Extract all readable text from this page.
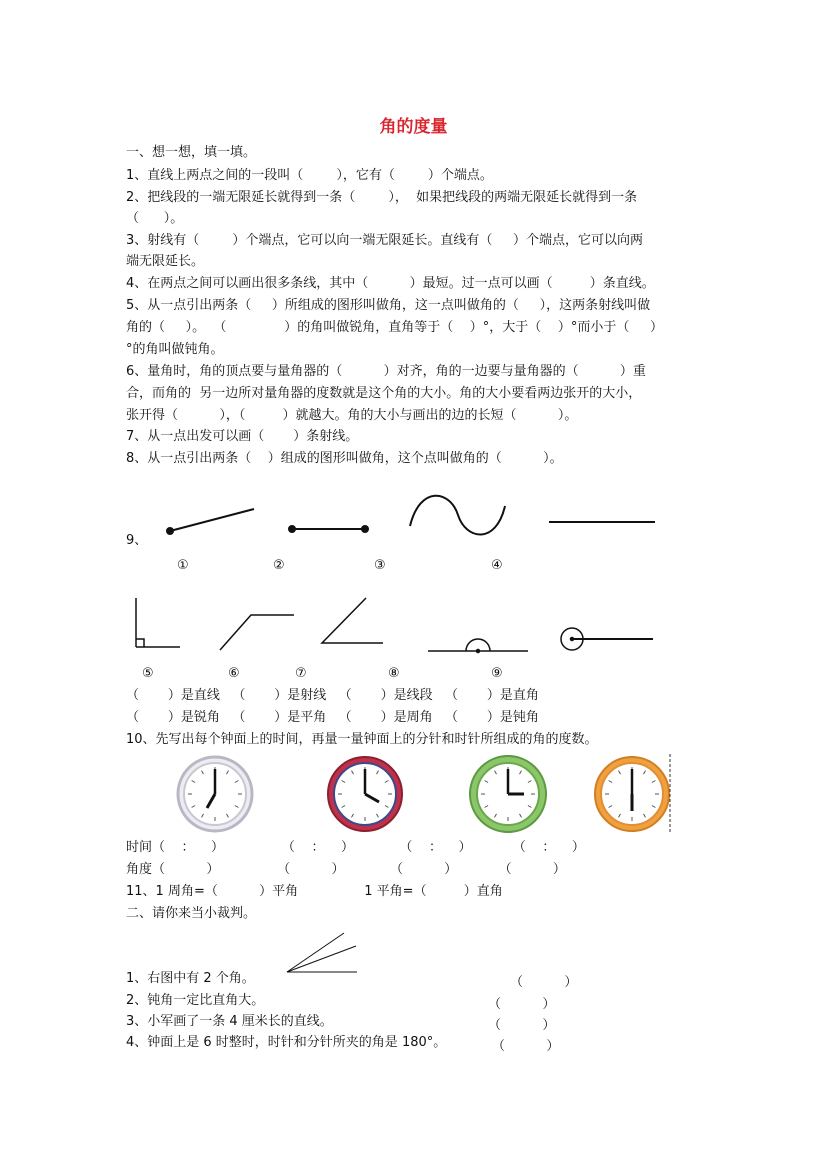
角的度量
一、想一想，填一填。
1、直线上两点之间的一段叫（        ），它有（        ）个端点。
2、把线段的一端无限延长就得到一条（        ），  如果把线段的两端无限延长就得到一条
（      ）。
3、射线有（        ）个端点，它可以向一端无限延长。直线有（     ）个端点，它可以向两
端无限延长。
4、在两点之间可以画出很多条线，其中（          ）最短。过一点可以画（         ）条直线。
5、从一点引出两条（     ）所组成的图形叫做角，这一点叫做角的（     ），这两条射线叫做
角的（     ）。  （              ）的角叫做锐角，直角等于（    ）°，大于（    ）°而小于（     ）
°的角叫做钝角。
6、量角时，角的顶点要与量角器的（          ）对齐，角的一边要与量角器的（          ）重
合，而角的  另一边所对量角器的度数就是这个角的大小。角的大小要看两边张开的大小，
张开得（          ），（         ）就越大。角的大小与画出的边的长短（          ）。
7、从一点出发可以画（       ）条射线。
8、从一点引出两条（    ）组成的图形叫做角，这个点叫做角的（          ）。
9、
①	②	③	④
⑤	⑥	⑦	⑧	⑨
（       ）是直线   （       ）是射线   （       ）是线段   （       ）是直角
（       ）是锐角   （       ）是平角   （       ）是周角   （       ）是钝角
10、先写出每个钟面上的时间，再量一量钟面上的分针和时针所组成的角的度数。
时间（    ：    ）              （    ：    ）           （    ：    ）          （    ：    ）
角度（          ）              （          ）           （          ）          （          ）
11、1 周角=（          ）平角                1 平角=（         ）直角
二、请你来当小裁判。
1、右图中有 2 个角。	（          ）
2、钝角一定比直角大。	（          ）
3、小军画了一条 4 厘米长的直线。	（          ）
4、钟面上是 6 时整时，时针和分针所夹的角是 180°。	（          ）
